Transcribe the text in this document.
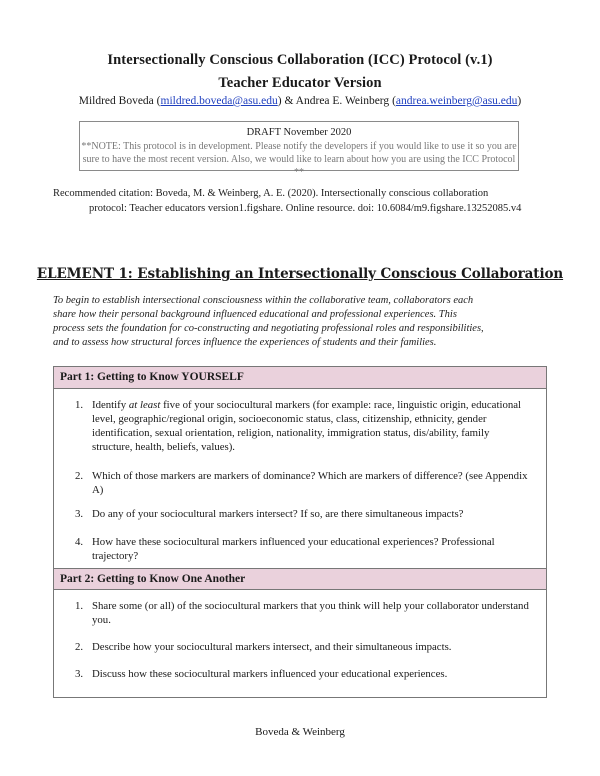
Intersectionally Conscious Collaboration (ICC) Protocol (v.1)
Teacher Educator Version
Mildred Boveda (mildred.boveda@asu.edu) & Andrea E. Weinberg (andrea.weinberg@asu.edu)
DRAFT November 2020
**NOTE: This protocol is in development. Please notify the developers if you would like to use it so you are
sure to have the most recent version. Also, we would like to learn about how you are using the ICC Protocol **
Recommended citation: Boveda, M. & Weinberg, A. E. (2020). Intersectionally conscious collaboration
protocol: Teacher educators version1.figshare. Online resource. doi: 10.6084/m9.figshare.13252085.v4
ELEMENT 1: Establishing an Intersectionally Conscious Collaboration
To begin to establish intersectional consciousness within the collaborative team, collaborators each
share how their personal background influenced educational and professional experiences. This
process sets the foundation for co-constructing and negotiating professional roles and responsibilities,
and to assess how structural forces influence the experiences of students and their families.
Part 1: Getting to Know YOURSELF
1. Identify at least five of your sociocultural markers (for example: race, linguistic origin, educational level, geographic/regional origin, socioeconomic status, class, citizenship, ethnicity, gender identification, sexual orientation, religion, nationality, immigration status, dis/ability, family structure, health, beliefs, values).
2. Which of those markers are markers of dominance? Which are markers of difference? (see Appendix A)
3. Do any of your sociocultural markers intersect? If so, are there simultaneous impacts?
4. How have these sociocultural markers influenced your educational experiences? Professional trajectory?
Part 2: Getting to Know One Another
1. Share some (or all) of the sociocultural markers that you think will help your collaborator understand you.
2. Describe how your sociocultural markers intersect, and their simultaneous impacts.
3. Discuss how these sociocultural markers influenced your educational experiences.
Boveda & Weinberg
